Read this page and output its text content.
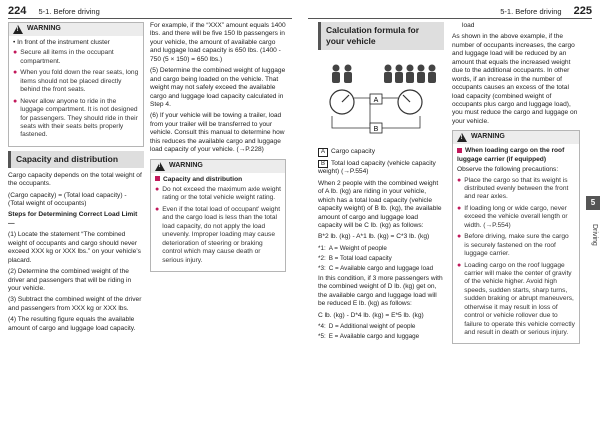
224 5-1. Before driving	5-1. Before driving 225
!
WARNING
• In front of the instrument cluster
● Secure all items in the occupant compartment.
● When you fold down the rear seats, long items should not be placed directly behind the front seats.
● Never allow anyone to ride in the luggage compartment. It is not designed for passengers. They should ride in their seats with their seats belts properly fastened.
Capacity and distribution

Cargo capacity depends on the total weight of the occupants.

(Cargo capacity) = (Total load capacity) - (Total weight of occupants)

Steps for Determining Correct Load Limit —

(1) Locate the statement “The combined weight of occupants and cargo should never exceed XXX kg or XXX lbs.” on your vehicle’s placard.

(2) Determine the combined weight of the driver and passengers that will be riding in your vehicle.

(3) Subtract the combined weight of the driver and passengers from XXX kg or XXX lbs.

(4) The resulting figure equals the available amount of cargo and luggage load capacity.

For example, if the “XXX” amount equals 1400 lbs. and there will be five 150 lb passengers in your vehicle, the amount of available cargo and luggage load capacity is 650 lbs. (1400 - 750 (5 × 150) = 650 lbs.)

(5) Determine the combined weight of luggage and cargo being loaded on the vehicle. That weight may not safely exceed the available cargo and luggage load capacity calculated in Step 4.

(6) If your vehicle will be towing a trailer, load from your trailer will be transferred to your vehicle. Consult this manual to determine how this reduces the available cargo and luggage load capacity of your vehicle. (→P.228)

!
WARNING
Capacity and distribution
● Do not exceed the maximum axle weight rating or the total vehicle weight rating.
● Even if the total load of occupant’ weight and the cargo load is less than the total load capacity, do not apply the load unevenly. Improper loading may cause deterioration of steering or braking control which may cause death or serious injury.
Calculation formula for your vehicle
A
B

A Cargo capacity

B Total load capacity (vehicle capacity weight) (→P.554)

When 2 people with the combined weight of A lb. (kg) are riding in your vehicle, which has a total load capacity (vehicle capacity weight) of B lb. (kg), the available amount of cargo and luggage load capacity will be C lb. (kg) as follows:

B*2 lb. (kg) - A*1 lb. (kg) = C*3 lb. (kg)

*1: A = Weight of people
*2: B = Total load capacity
*3: C = Available cargo and luggage load

In this condition, if 3 more passengers with the combined weight of D lb. (kg) get on, the available cargo and luggage load will be reduced E lb. (kg) as follows:

C lb. (kg) - D*4 lb. (kg) = E*5 lb. (kg)

*4: D = Additional weight of people
*5: E = Available cargo and luggage

load

As shown in the above example, if the number of occupants increases, the cargo and luggage load will be reduced by an amount that equals the increased weight due to the additional occupants. In other words, if an increase in the number of occupants causes an excess of the total load capacity (combined weight of occupants plus cargo and luggage load), you must reduce the cargo and luggage on your vehicle.

!
WARNING
When loading cargo on the roof luggage carrier (if equipped)
Observe the following precautions:
● Place the cargo so that its weight is distributed evenly between the front and rear axles.
● If loading long or wide cargo, never exceed the vehicle overall length or width. (→P.554)
● Before driving, make sure the cargo is securely fastened on the roof luggage carrier.
● Loading cargo on the roof luggage carrier will make the center of gravity of the vehicle higher. Avoid high speeds, sudden starts, sharp turns, sudden braking or abrupt maneuvers, otherwise it may result in loss of control or vehicle rollover due to failure to operate this vehicle correctly and result in death or serious injury.
5
Driving
